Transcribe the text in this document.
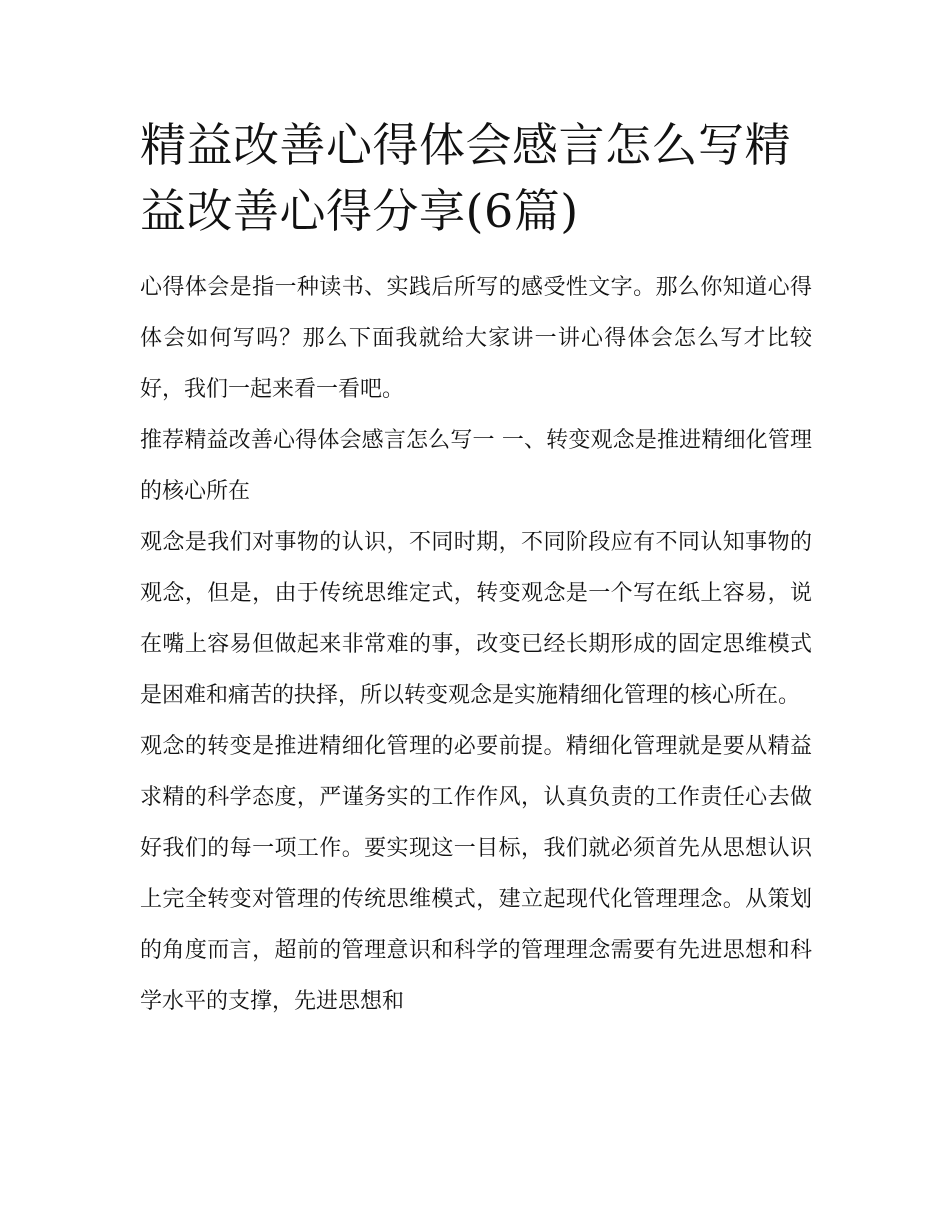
精益改善心得体会感言怎么写精益改善心得分享(6篇)

心得体会是指一种读书、实践后所写的感受性文字。那么你知道心得体会如何写吗？那么下面我就给大家讲一讲心得体会怎么写才比较好，我们一起来看一看吧。

推荐精益改善心得体会感言怎么写一 一、转变观念是推进精细化管理的核心所在

观念是我们对事物的认识，不同时期，不同阶段应有不同认知事物的观念，但是，由于传统思维定式，转变观念是一个写在纸上容易，说在嘴上容易但做起来非常难的事，改变已经长期形成的固定思维模式是困难和痛苦的抉择，所以转变观念是实施精细化管理的核心所在。

观念的转变是推进精细化管理的必要前提。精细化管理就是要从精益求精的科学态度，严谨务实的工作作风，认真负责的工作责任心去做好我们的每一项工作。要实现这一目标，我们就必须首先从思想认识上完全转变对管理的传统思维模式，建立起现代化管理理念。从策划的角度而言，超前的管理意识和科学的管理理念需要有先进思想和科学水平的支撑，先进思想和
